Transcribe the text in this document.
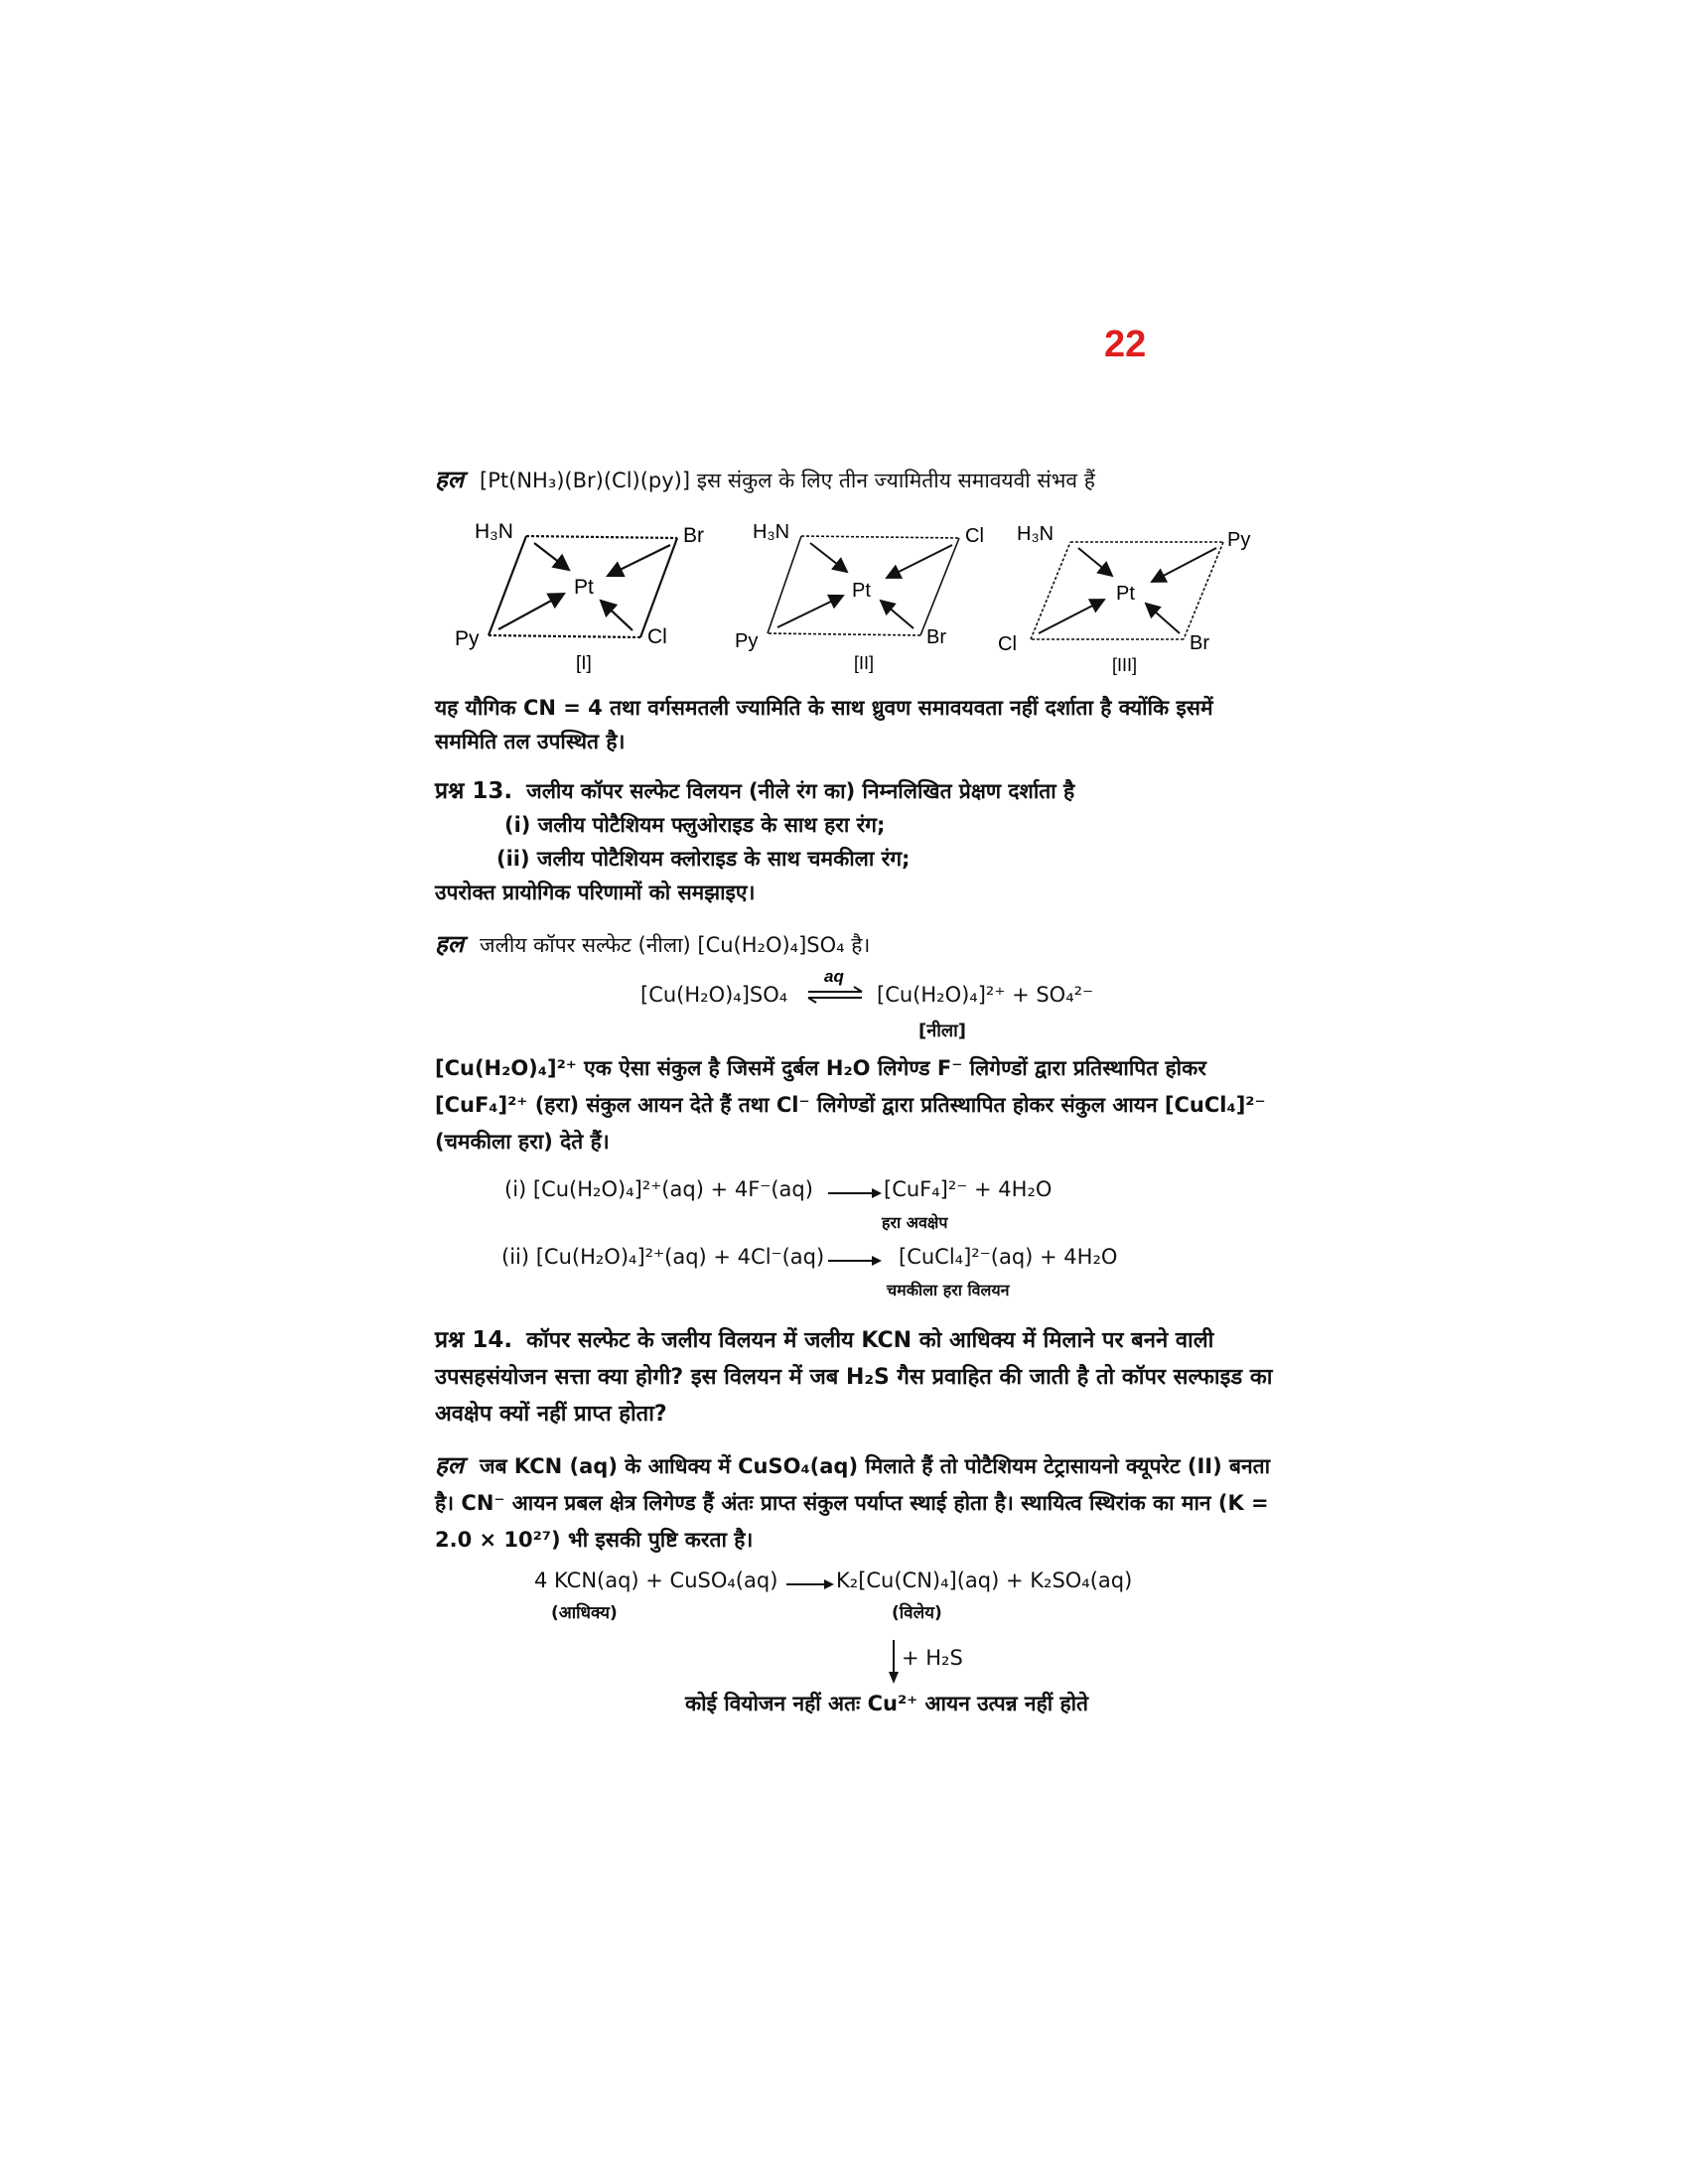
22

हल [Pt(NH₃)(Br)(Cl)(py)] इस संकुल के लिए तीन ज्यामितीय समावयवी संभव हैं

Pt
H₃N	Br
Py	Cl
[I]
Pt
H₃N	Cl
Py	Br
[II]
Pt
H₃N	Py
Cl	Br
[III]

यह यौगिक CN = 4 तथा वर्गसमतली ज्यामिति के साथ ध्रुवण समावयवता नहीं दर्शाता है क्योंकि इसमें सममिति तल उपस्थित है।

प्रश्न 13. जलीय कॉपर सल्फेट विलयन (नीले रंग का) निम्नलिखित प्रेक्षण दर्शाता है

(i) जलीय पोटैशियम फ्लुओराइड के साथ हरा रंग;

(ii) जलीय पोटैशियम क्लोराइड के साथ चमकीला रंग;

उपरोक्त प्रायोगिक परिणामों को समझाइए।

हल जलीय कॉपर सल्फेट (नीला) [Cu(H₂O)₄]SO₄ है।

[Cu(H₂O)₄]SO₄
aq
[Cu(H₂O)₄]²⁺ + SO₄²⁻
[नीला]

[Cu(H₂O)₄]²⁺ एक ऐसा संकुल है जिसमें दुर्बल H₂O लिगेण्ड F⁻ लिगेण्डों द्वारा प्रतिस्थापित होकर [CuF₄]²⁺ (हरा) संकुल आयन देते हैं तथा Cl⁻ लिगेण्डों द्वारा प्रतिस्थापित होकर संकुल आयन [CuCl₄]²⁻ (चमकीला हरा) देते हैं।

(i) [Cu(H₂O)₄]²⁺(aq) + 4F⁻(aq) →
[CuF₄]²⁻ + 4H₂O
हरा अवक्षेप
(ii) [Cu(H₂O)₄]²⁺(aq) + 4Cl⁻(aq) → [CuCl₄]²⁻(aq) + 4H₂O
चमकीला हरा विलयन

प्रश्न 14. कॉपर सल्फेट के जलीय विलयन में जलीय KCN को आधिक्य में मिलाने पर बनने वाली उपसहसंयोजन सत्ता क्या होगी? इस विलयन में जब H₂S गैस प्रवाहित की जाती है तो कॉपर सल्फाइड का अवक्षेप क्यों नहीं प्राप्त होता?

हल जब KCN (aq) के आधिक्य में CuSO₄(aq) मिलाते हैं तो पोटैशियम टेट्रासायनो क्यूपरेट (II) बनता है। CN⁻ आयन प्रबल क्षेत्र लिगेण्ड हैं अंतः प्राप्त संकुल पर्याप्त स्थाई होता है। स्थायित्व स्थिरांक का मान (K = 2.0 × 10²⁷) भी इसकी पुष्टि करता है।

4 KCN(aq) + CuSO₄(aq)	K₂[Cu(CN)₄](aq) + K₂SO₄(aq)
(आधिक्य)	(विलेय)
+ H₂S
कोई वियोजन नहीं अतः Cu²⁺ आयन उत्पन्न नहीं होते
